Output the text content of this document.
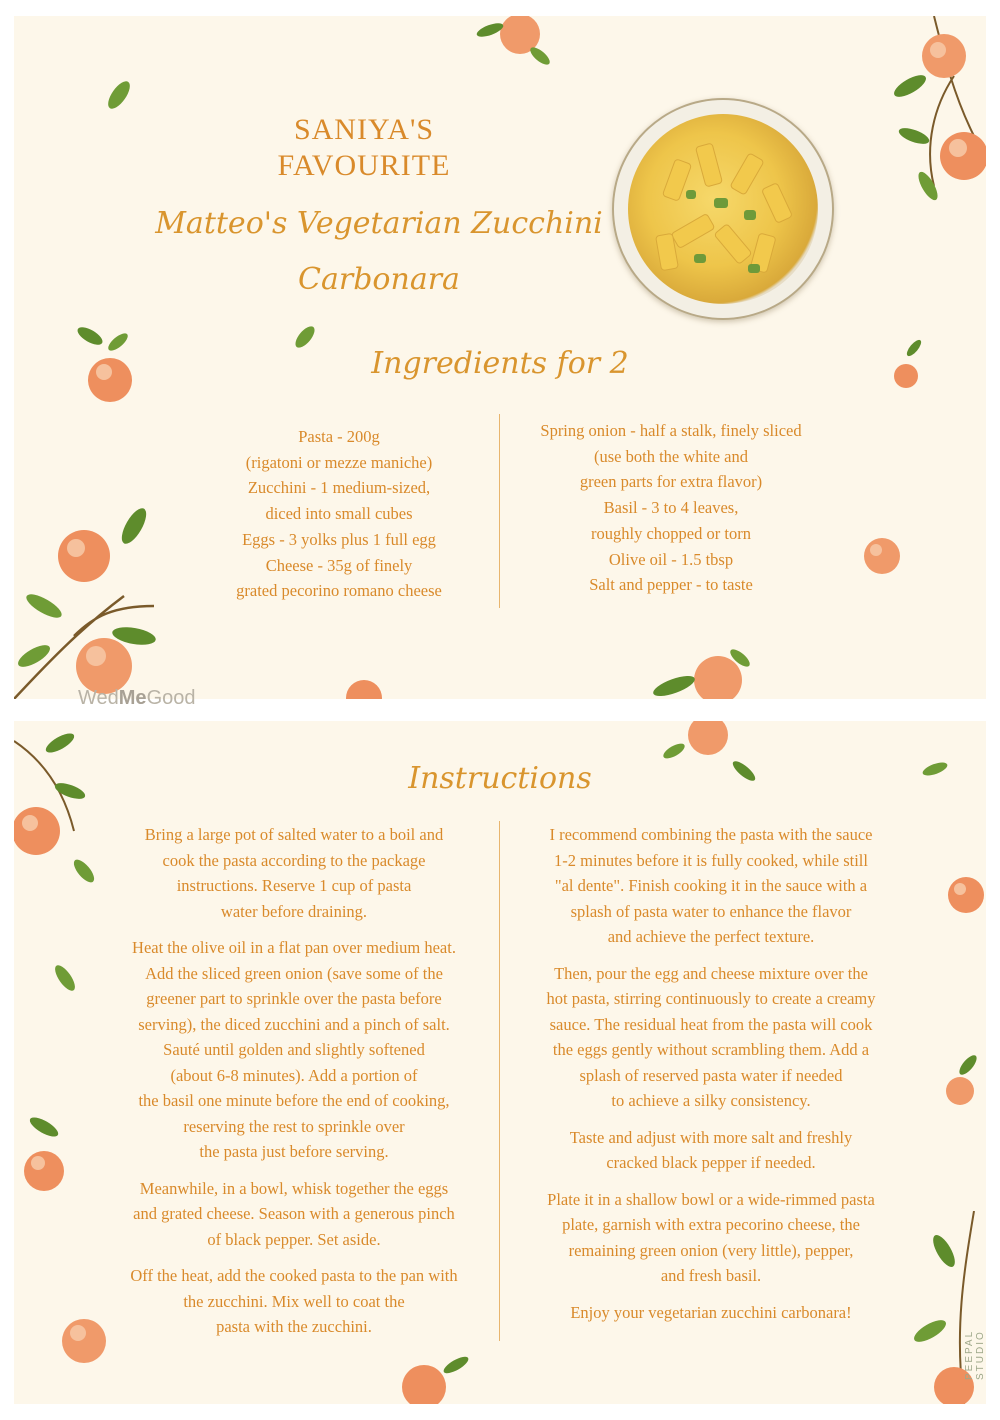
SANIYA'S
FAVOURITE
Matteo's Vegetarian Zucchini
Carbonara
Ingredients for 2
Pasta - 200g
(rigatoni or mezze maniche)
Zucchini - 1 medium-sized,
diced into small cubes
Eggs - 3 yolks plus 1 full egg
Cheese - 35g of finely
grated pecorino romano cheese
Spring onion - half a stalk, finely sliced
(use both the white and
green parts for extra flavor)
Basil - 3 to 4 leaves,
roughly chopped or torn
Olive oil - 1.5 tbsp
Salt and pepper - to taste
WedMeGood
Instructions
Bring a large pot of salted water to a boil and
cook the pasta according to the package
instructions. Reserve 1 cup of pasta
water before draining.
Heat the olive oil in a flat pan over medium heat.
Add the sliced green onion (save some of the
greener part to sprinkle over the pasta before
serving), the diced zucchini and a pinch of salt.
Sauté until golden and slightly softened
(about 6-8 minutes). Add a portion of
the basil one minute before the end of cooking,
reserving the rest to sprinkle over
the pasta just before serving.
Meanwhile, in a bowl, whisk together the eggs
and grated cheese. Season with a generous pinch
of black pepper. Set aside.
Off the heat, add the cooked pasta to the pan with
the zucchini. Mix well to coat the
pasta with the zucchini.
I recommend combining the pasta with the sauce
1-2 minutes before it is fully cooked, while still
"al dente". Finish cooking it in the sauce with a
splash of pasta water to enhance the flavor
and achieve the perfect texture.
Then, pour the egg and cheese mixture over the
hot pasta, stirring continuously to create a creamy
sauce. The residual heat from the pasta will cook
the eggs gently without scrambling them. Add a
splash of reserved pasta water if needed
to achieve a silky consistency.
Taste and adjust with more salt and freshly
cracked black pepper if needed.
Plate it in a shallow bowl or a wide-rimmed pasta
plate, garnish with extra pecorino cheese, the
remaining green onion (very little), pepper,
and fresh basil.
Enjoy your vegetarian zucchini carbonara!
PEEPAL STUDIO
